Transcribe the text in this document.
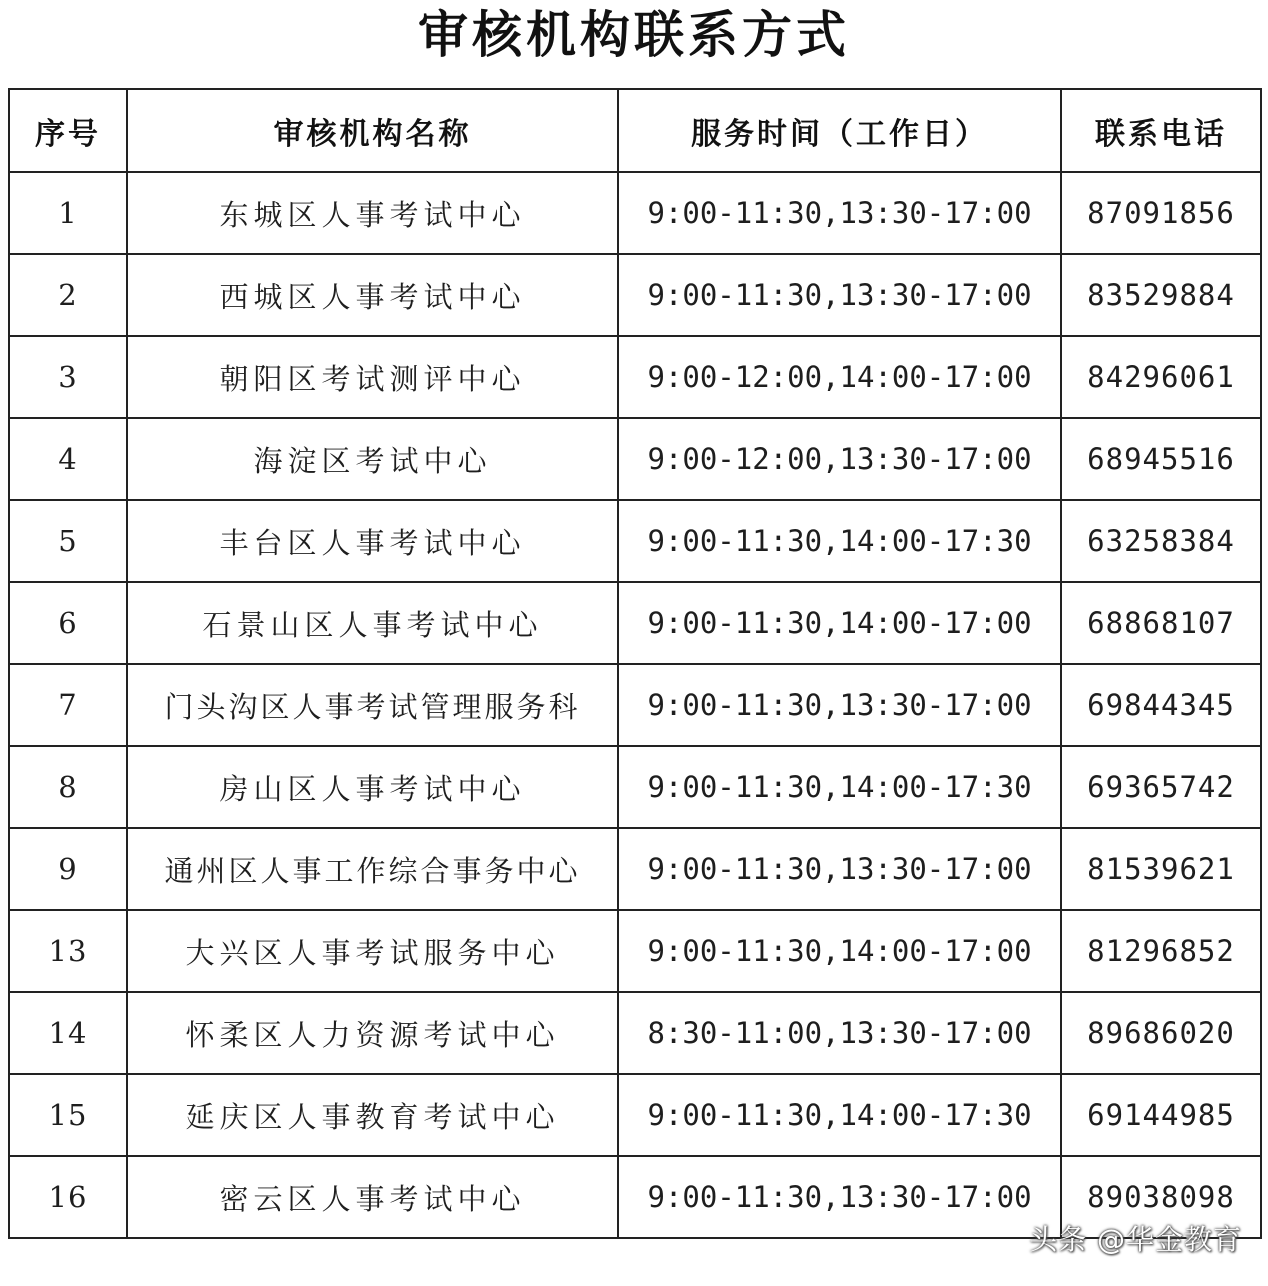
审核机构联系方式
序号	审核机构名称	服务时间（工作日）	联系电话
1	东城区人事考试中心	9:00-11:30,13:30-17:00	87091856
2	西城区人事考试中心	9:00-11:30,13:30-17:00	83529884
3	朝阳区考试测评中心	9:00-12:00,14:00-17:00	84296061
4	海淀区考试中心	9:00-12:00,13:30-17:00	68945516
5	丰台区人事考试中心	9:00-11:30,14:00-17:30	63258384
6	石景山区人事考试中心	9:00-11:30,14:00-17:00	68868107
7	门头沟区人事考试管理服务科	9:00-11:30,13:30-17:00	69844345
8	房山区人事考试中心	9:00-11:30,14:00-17:30	69365742
9	通州区人事工作综合事务中心	9:00-11:30,13:30-17:00	81539621
13	大兴区人事考试服务中心	9:00-11:30,14:00-17:00	81296852
14	怀柔区人力资源考试中心	8:30-11:00,13:30-17:00	89686020
15	延庆区人事教育考试中心	9:00-11:30,14:00-17:30	69144985
16	密云区人事考试中心	9:00-11:30,13:30-17:00	89038098
头条 @华金教育
